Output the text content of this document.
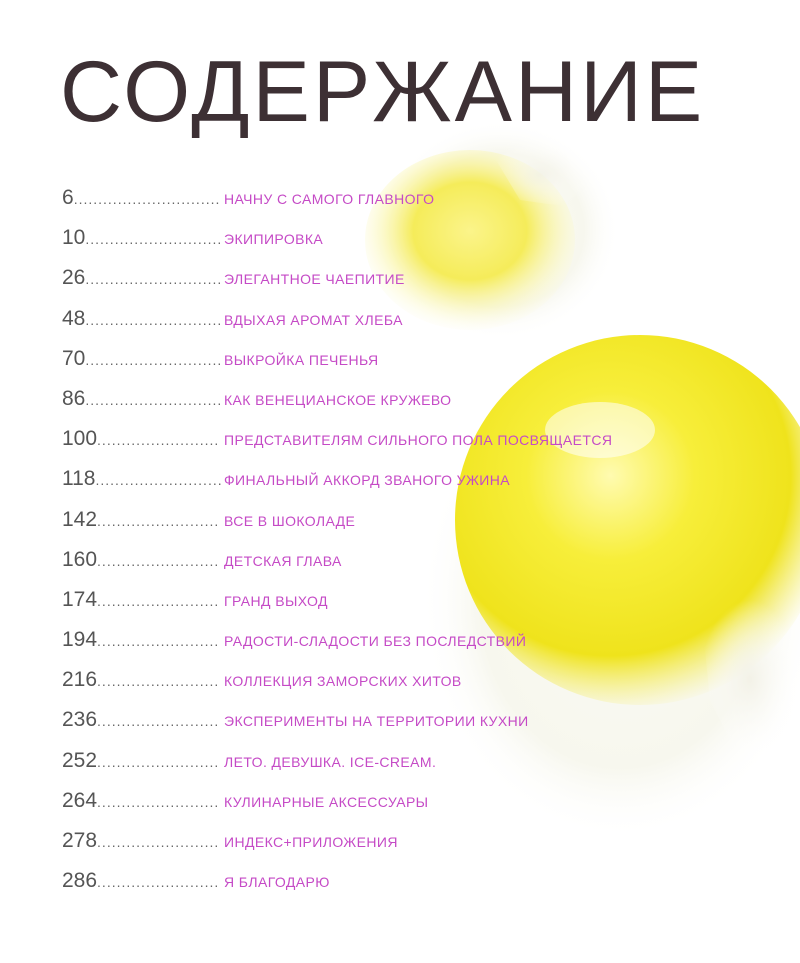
СОДЕРЖАНИЕ
6 .............................. НАЧНУ С САМОГО ГЛАВНОГО
10 ............................ ЭКИПИРОВКА
26 ............................ ЭЛЕГАНТНОЕ ЧАЕПИТИЕ
48 ............................ ВДЫХАЯ АРОМАТ ХЛЕБА
70 ............................ ВЫКРОЙКА ПЕЧЕНЬЯ
86 ............................ КАК ВЕНЕЦИАНСКОЕ КРУЖЕВО
100 ......................... ПРЕДСТАВИТЕЛЯМ СИЛЬНОГО ПОЛА ПОСВЯЩАЕТСЯ
118 .......................... ФИНАЛЬНЫЙ АККОРД ЗВАНОГО УЖИНА
142 ......................... ВСЕ В ШОКОЛАДЕ
160 ......................... ДЕТСКАЯ ГЛАВА
174 ......................... ГРАНД ВЫХОД
194 ......................... РАДОСТИ-СЛАДОСТИ БЕЗ ПОСЛЕДСТВИЙ
216 ......................... КОЛЛЕКЦИЯ ЗАМОРСКИХ ХИТОВ
236 ......................... ЭКСПЕРИМЕНТЫ НА ТЕРРИТОРИИ КУХНИ
252 ......................... ЛЕТО. ДЕВУШКА. ICE-CREAM.
264 ......................... КУЛИНАРНЫЕ АКСЕССУАРЫ
278 ......................... ИНДЕКС+ПРИЛОЖЕНИЯ
286 ......................... Я БЛАГОДАРЮ
